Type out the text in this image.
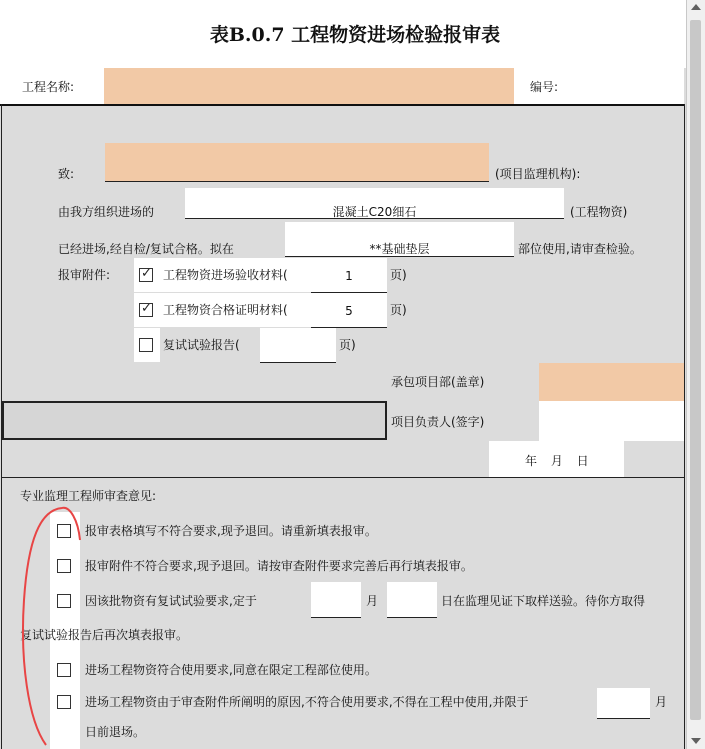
表B.0.7 工程物资进场检验报审表
工程名称:	编号:
致:	(项目监理机构):
由我方组织进场的	混凝土C20细石	(工程物资)
已经进场,经自检/复试合格。拟在	**基础垫层	部位使用,请审查检验。
报审附件: ✓ 工程物资进场验收材料(	1	页)
✓ 工程物资合格证明材料(	5	页)
复试试验报告(	页)
承包项目部(盖章)
项目负责人(签字)
年 月 日
专业监理工程师审查意见:
报审表格填写不符合要求,现予退回。请重新填表报审。
报审附件不符合要求,现予退回。请按审查附件要求完善后再行填表报审。
因该批物资有复试试验要求,定于	月	日在监理见证下取样送验。待你方取得
复试试验报告后再次填表报审。
进场工程物资符合使用要求,同意在限定工程部位使用。
进场工程物资由于审查附件所阐明的原因,不符合使用要求,不得在工程中使用,并限于	月
日前退场。
